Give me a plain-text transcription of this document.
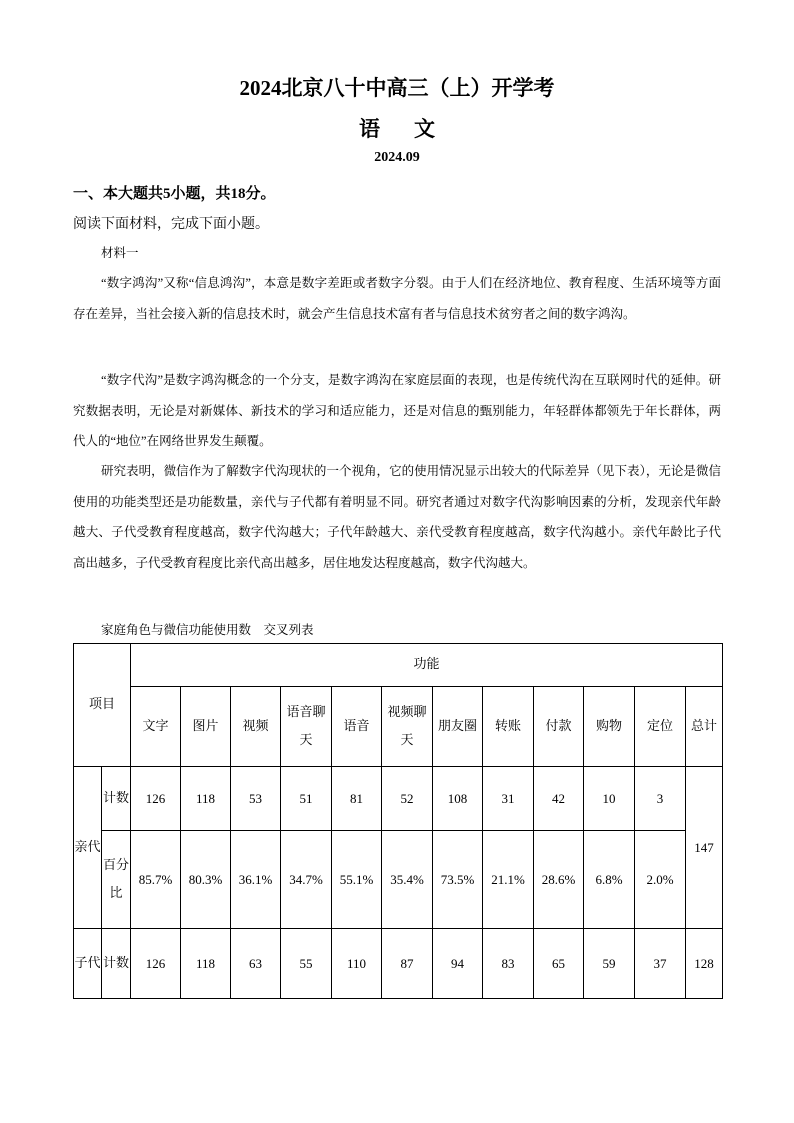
2024北京八十中高三（上）开学考
语文
2024.09
一、本大题共5小题，共18分。
阅读下面材料，完成下面小题。
材料一

“数字鸿沟”又称“信息鸿沟”，本意是数字差距或者数字分裂。由于人们在经济地位、教育程度、生活环境等方面存在差异，当社会接入新的信息技术时，就会产生信息技术富有者与信息技术贫穷者之间的数字鸿沟。

“数字代沟”是数字鸿沟概念的一个分支，是数字鸿沟在家庭层面的表现，也是传统代沟在互联网时代的延伸。研究数据表明，无论是对新媒体、新技术的学习和适应能力，还是对信息的甄别能力，年轻群体都领先于年长群体，两代人的“地位”在网络世界发生颠覆。

研究表明，微信作为了解数字代沟现状的一个视角，它的使用情况显示出较大的代际差异（见下表），无论是微信使用的功能类型还是功能数量，亲代与子代都有着明显不同。研究者通过对数字代沟影响因素的分析，发现亲代年龄越大、子代受教育程度越高，数字代沟越大；子代年龄越大、亲代受教育程度越高，数字代沟越小。亲代年龄比子代高出越多，子代受教育程度比亲代高出越多，居住地发达程度越高，数字代沟越大。

家庭角色与微信功能使用数　交叉列表
项目		功能											

		文字	图片	视频	语音聊天	语音	视频聊天	朋友圈	转账	付款	购物	定位	总计

亲代	计数	126	118	53	51	81	52	108	31	42	10	3	147

	百分比	85.7%	80.3%	36.1%	34.7%	55.1%	35.4%	73.5%	21.1%	28.6%	6.8%	2.0%	

子代	计数	126	118	63	55	110	87	94	83	65	59	37	128
